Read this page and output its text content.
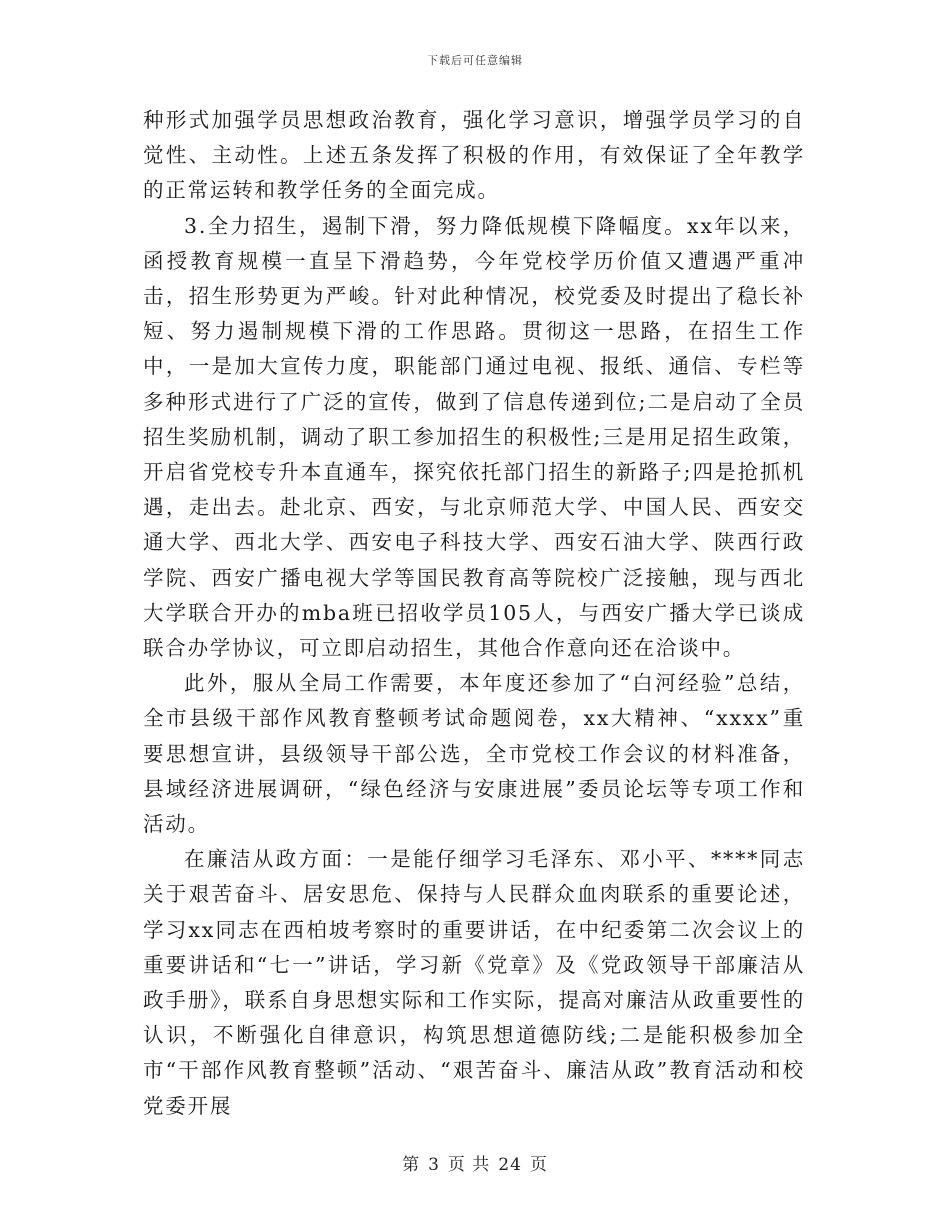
下载后可任意编辑

种形式加强学员思想政治教育，强化学习意识，增强学员学习的自觉性、主动性。上述五条发挥了积极的作用，有效保证了全年教学的正常运转和教学任务的全面完成。

3.全力招生，遏制下滑，努力降低规模下降幅度。xx年以来，函授教育规模一直呈下滑趋势，今年党校学历价值又遭遇严重冲击，招生形势更为严峻。针对此种情况，校党委及时提出了稳长补短、努力遏制规模下滑的工作思路。贯彻这一思路，在招生工作中，一是加大宣传力度，职能部门通过电视、报纸、通信、专栏等多种形式进行了广泛的宣传，做到了信息传递到位;二是启动了全员招生奖励机制，调动了职工参加招生的积极性;三是用足招生政策，开启省党校专升本直通车，探究依托部门招生的新路子;四是抢抓机遇，走出去。赴北京、西安，与北京师范大学、中国人民、西安交通大学、西北大学、西安电子科技大学、西安石油大学、陕西行政学院、西安广播电视大学等国民教育高等院校广泛接触，现与西北大学联合开办的mba班已招收学员105人，与西安广播大学已谈成联合办学协议，可立即启动招生，其他合作意向还在洽谈中。

此外，服从全局工作需要，本年度还参加了“白河经验”总结，全市县级干部作风教育整顿考试命题阅卷，xx大精神、“xxxx”重要思想宣讲，县级领导干部公选，全市党校工作会议的材料准备，县域经济进展调研，“绿色经济与安康进展”委员论坛等专项工作和活动。

在廉洁从政方面：一是能仔细学习毛泽东、邓小平、****同志关于艰苦奋斗、居安思危、保持与人民群众血肉联系的重要论述，学习xx同志在西柏坡考察时的重要讲话，在中纪委第二次会议上的重要讲话和“七一”讲话，学习新《党章》及《党政领导干部廉洁从政手册》，联系自身思想实际和工作实际，提高对廉洁从政重要性的认识，不断强化自律意识，构筑思想道德防线;二是能积极参加全市“干部作风教育整顿”活动、“艰苦奋斗、廉洁从政”教育活动和校党委开展

第 3 页 共 24 页
